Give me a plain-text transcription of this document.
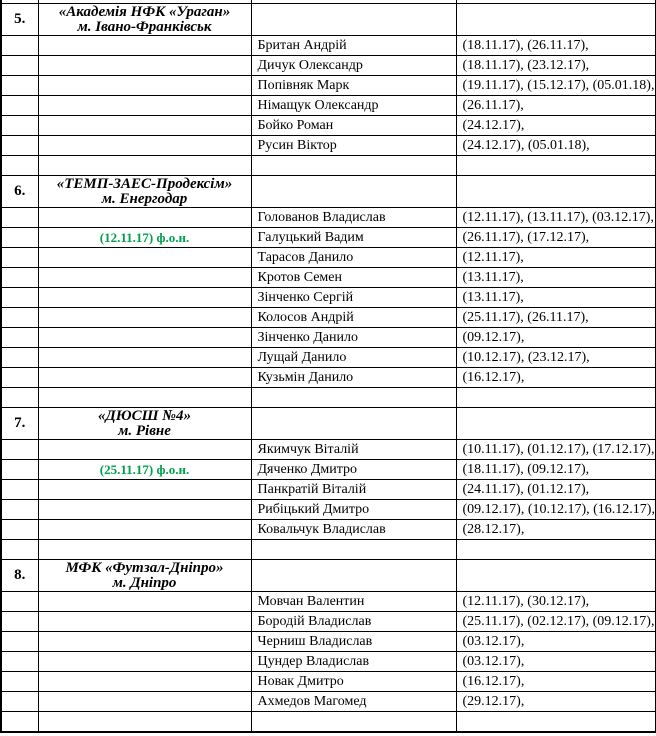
5.	«Академія НФК «Ураган»
м. Івано-Франківськ		

		Британ Андрій	(18.11.17), (26.11.17),
		Дичук Олександр	(18.11.17), (23.12.17),
		Попівняк Марк	(19.11.17), (15.12.17), (05.01.18),
		Німащук Олександр	(26.11.17),
		Бойко Роман	(24.12.17),
		Русин Віктор	(24.12.17), (05.01.18),

6.	«ТЕМП-ЗАЕС-Продексім»
м. Енергодар		

		Голованов Владислав	(12.11.17), (13.11.17), (03.12.17),
	(12.11.17) ф.о.н.	Галуцький Вадим	(26.11.17), (17.12.17),
		Тарасов Данило	(12.11.17),
		Кротов Семен	(13.11.17),
		Зінченко Сергій	(13.11.17),
		Колосов Андрій	(25.11.17), (26.11.17),
		Зінченко Данило	(09.12.17),
		Лущай Данило	(10.12.17), (23.12.17),
		Кузьмін Данило	(16.12.17),

7.	«ДЮСШ №4»
м. Рівне		

		Якимчук Віталій	(10.11.17), (01.12.17), (17.12.17),
	(25.11.17) ф.о.н.	Дяченко Дмитро	(18.11.17), (09.12.17),
		Панкратій Віталій	(24.11.17), (01.12.17),
		Рибіцький Дмитро	(09.12.17), (10.12.17), (16.12.17),
		Ковальчук Владислав	(28.12.17),

8.	МФК «Футзал-Дніпро»
м. Дніпро		

		Мовчан Валентин	(12.11.17), (30.12.17),
		Бородій Владислав	(25.11.17), (02.12.17), (09.12.17),
		Черниш Владислав	(03.12.17),
		Цундер Владислав	(03.12.17),
		Новак Дмитро	(16.12.17),
		Ахмедов Магомед	(29.12.17),
